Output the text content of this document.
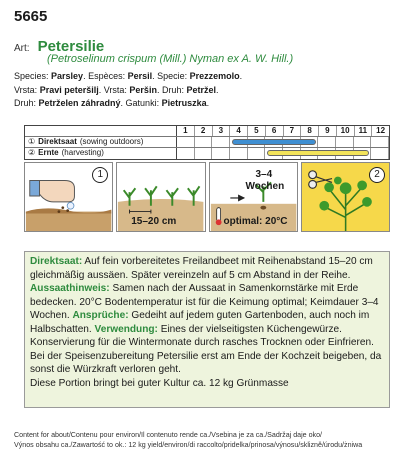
5665
Art: Petersilie
(Petroselinum crispum (Mill.) Nyman ex A. W. Hill.)
Species: Parsley. Espèces: Persil. Specie: Prezzemolo.
Vrsta: Pravi peteršilj. Vrsta: Peršin. Druh: Petržel.
Druh: Petrželen záhradný. Gatunki: Pietruszka.
1	2	3	4	5	6	7	8	9	10	11	12
① Direktsaat (sowing outdoors)
② Ernte (harvesting)
1
15–20 cm
3–4
Wochen
optimal: 20°C
2
Direktsaat: Auf fein vorbereitetes Freilandbeet mit Reihenabstand 15–20 cm gleichmäßig aussäen. Später vereinzeln auf 5 cm Abstand in der Reihe. Aussaathinweis: Samen nach der Aussaat in Samenkornstärke mit Erde bedecken. 20°C Bodentemperatur ist für die Keimung optimal; Keimdauer 3–4 Wochen. Ansprüche: Gedeiht auf jedem guten Gartenboden, auch noch im Halbschatten. Verwendung: Eines der vielseitigsten Küchengewürze. Konservierung für die Wintermonate durch rasches Trocknen oder Einfrieren. Bei der Speisenzubereitung Petersilie erst am Ende der Kochzeit beigeben, da sonst die Würzkraft verloren geht.
Diese Portion bringt bei guter Kultur ca. 12 kg Grünmasse
Content for about/Contenu pour environ/Il contenuto rende ca./Vsebina je za ca./Sadržaj daje oko/
Výnos obsahu ca./Zawartość to ok.: 12 kg yield/environ/di raccolto/pridelka/prinosa/výnosu/sklizně/úrodu/żniwa
